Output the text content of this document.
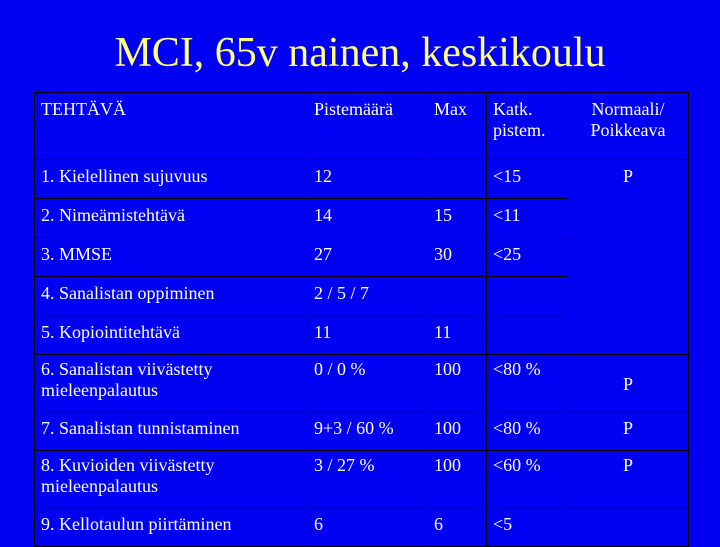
MCI, 65v nainen, keskikoulu
TEHTÄVÄ	Pistemäärä	Max	Katk. pistem.	Normaali/ Poikkeava
1. Kielellinen sujuvuus	12		<15	P
2. Nimeämistehtävä	14	15	<11	
3. MMSE	27	30	<25	
4. Sanalistan oppiminen	2 / 5 / 7			
5. Kopiointitehtävä	11	11		
6. Sanalistan viivästetty mieleenpalautus	0 / 0 %	100	<80 %	P
7. Sanalistan tunnistaminen	9+3 / 60 %	100	<80 %	P
8. Kuvioiden viivästetty mieleenpalautus	3 / 27 %	100	<60 %	P
9. Kellotaulun piirtäminen	6	6	<5	
